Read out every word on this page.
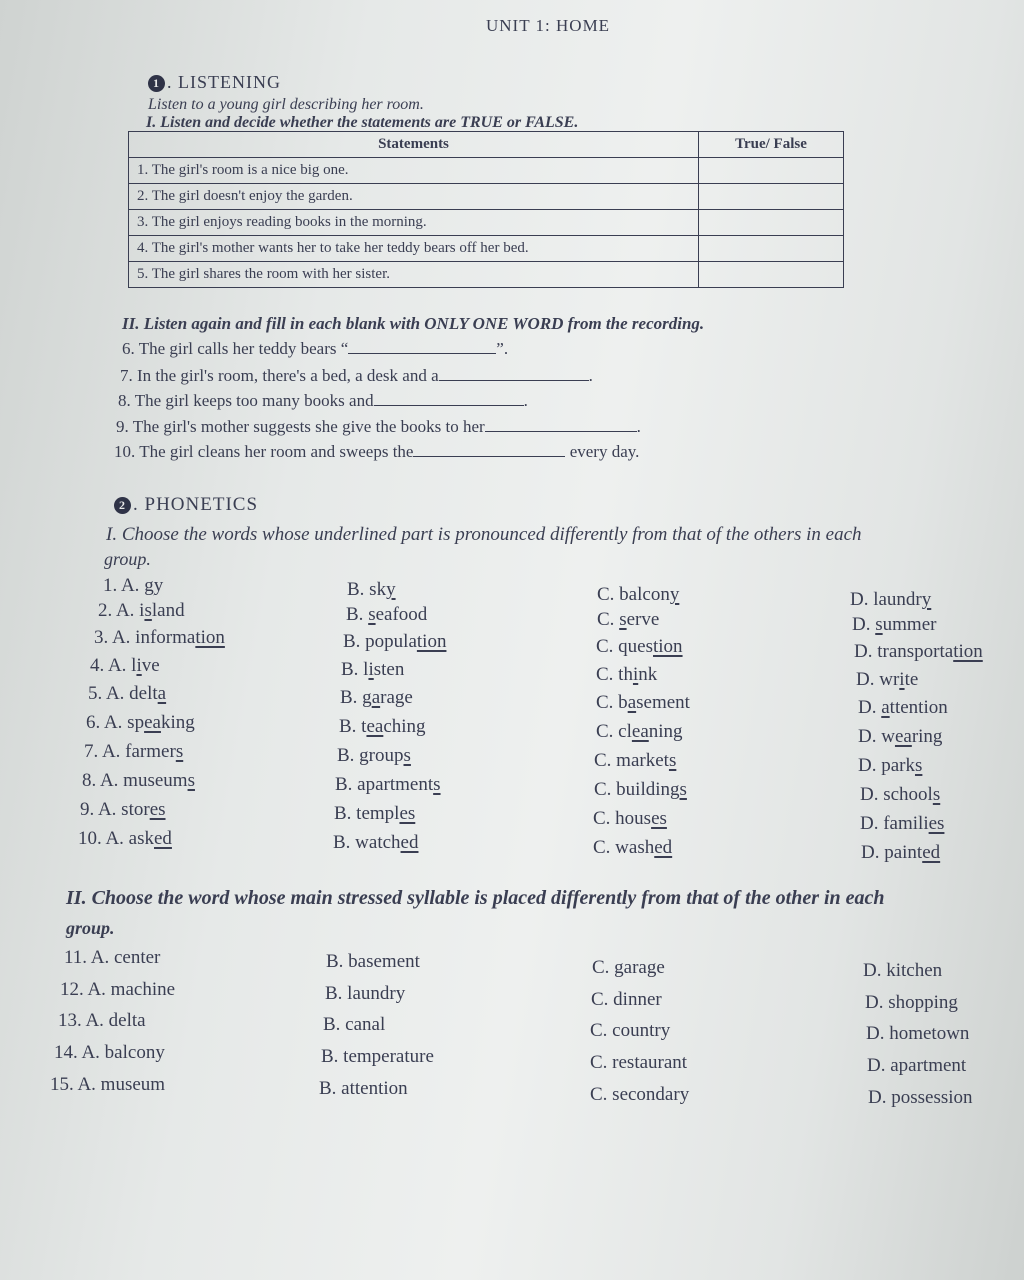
UNIT 1: HOME
1 . LISTENING
Listen to a young girl describing her room.
I. Listen and decide whether the statements are TRUE or FALSE.
Statements	True/ False
1. The girl's room is a nice big one.	
2. The girl doesn't enjoy the garden.	
3. The girl enjoys reading books in the morning.	
4. The girl's mother wants her to take her teddy bears off her bed.	
5. The girl shares the room with her sister.	
II. Listen again and fill in each blank with ONLY ONE WORD from the recording.
6. The girl calls her teddy bears “	”.
7. In the girl's room, there's a bed, a desk and a	.
8. The girl keeps too many books and	.
9. The girl's mother suggests she give the books to her	.
10. The girl cleans her room and sweeps the	every day.
2 . PHONETICS
I. Choose the words whose underlined part is pronounced differently from that of the others in each
group.
1. A. gy	B. sky	C. balcony	D. laundry
2. A. island	B. seafood	C. serve	D. summer
3. A. information	B. population	C. question	D. transportation
4. A. live	B. listen	C. think	D. write
5. A. delta	B. garage	C. basement	D. attention
6. A. speaking	B. teaching	C. cleaning	D. wearing
7. A. farmers	B. groups	C. markets	D. parks
8. A. museums	B. apartments	C. buildings	D. schools
9. A. stores	B. temples	C. houses	D. families
10. A. asked	B. watched	C. washed	D. painted
II. Choose the word whose main stressed syllable is placed differently from that of the other in each
group.
11. A. center	B. basement	C. garage	D. kitchen
12. A. machine	B. laundry	C. dinner	D. shopping
13. A. delta	B. canal	C. country	D. hometown
14. A. balcony	B. temperature	C. restaurant	D. apartment
15. A. museum	B. attention	C. secondary	D. possession
